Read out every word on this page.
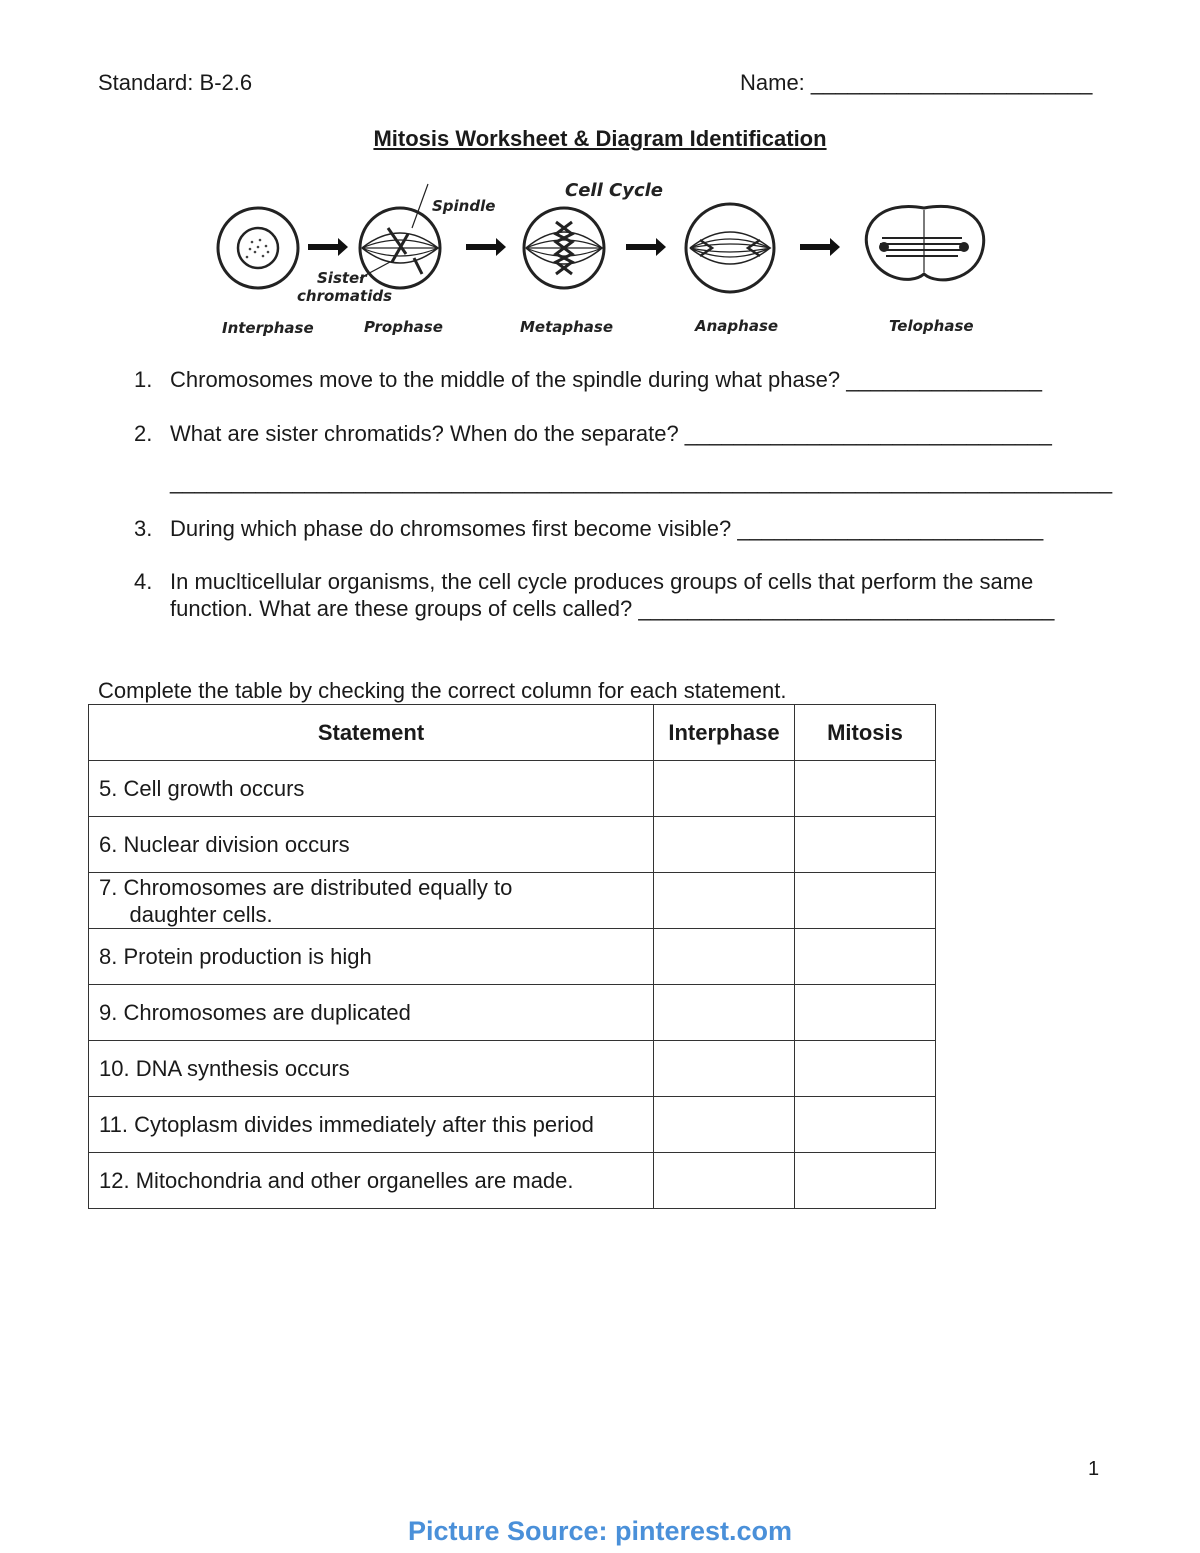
Standard: B-2.6	Name: _______________________
Mitosis Worksheet & Diagram Identification
Cell Cycle
Spindle
Sister
chromatids
Interphase	Prophase	Metaphase	Anaphase	Telophase
1. Chromosomes move to the middle of the spindle during what phase? ________________
2. What are sister chromatids? When do the separate? ______________________________
_____________________________________________________________________________
3. During which phase do chromsomes first become visible? _________________________
4. In muclticellular organisms, the cell cycle produces groups of cells that perform the same
function. What are these groups of cells called? __________________________________
Complete the table by checking the correct column for each statement.
Statement	Interphase	Mitosis

5. Cell growth occurs		

6. Nuclear division occurs		

7. Chromosomes are distributed equally to
daughter cells.		

8. Protein production is high		

9. Chromosomes are duplicated		

10. DNA synthesis occurs		

11. Cytoplasm divides immediately after this period		

12. Mitochondria and other organelles are made.		

1
Picture Source: pinterest.com
